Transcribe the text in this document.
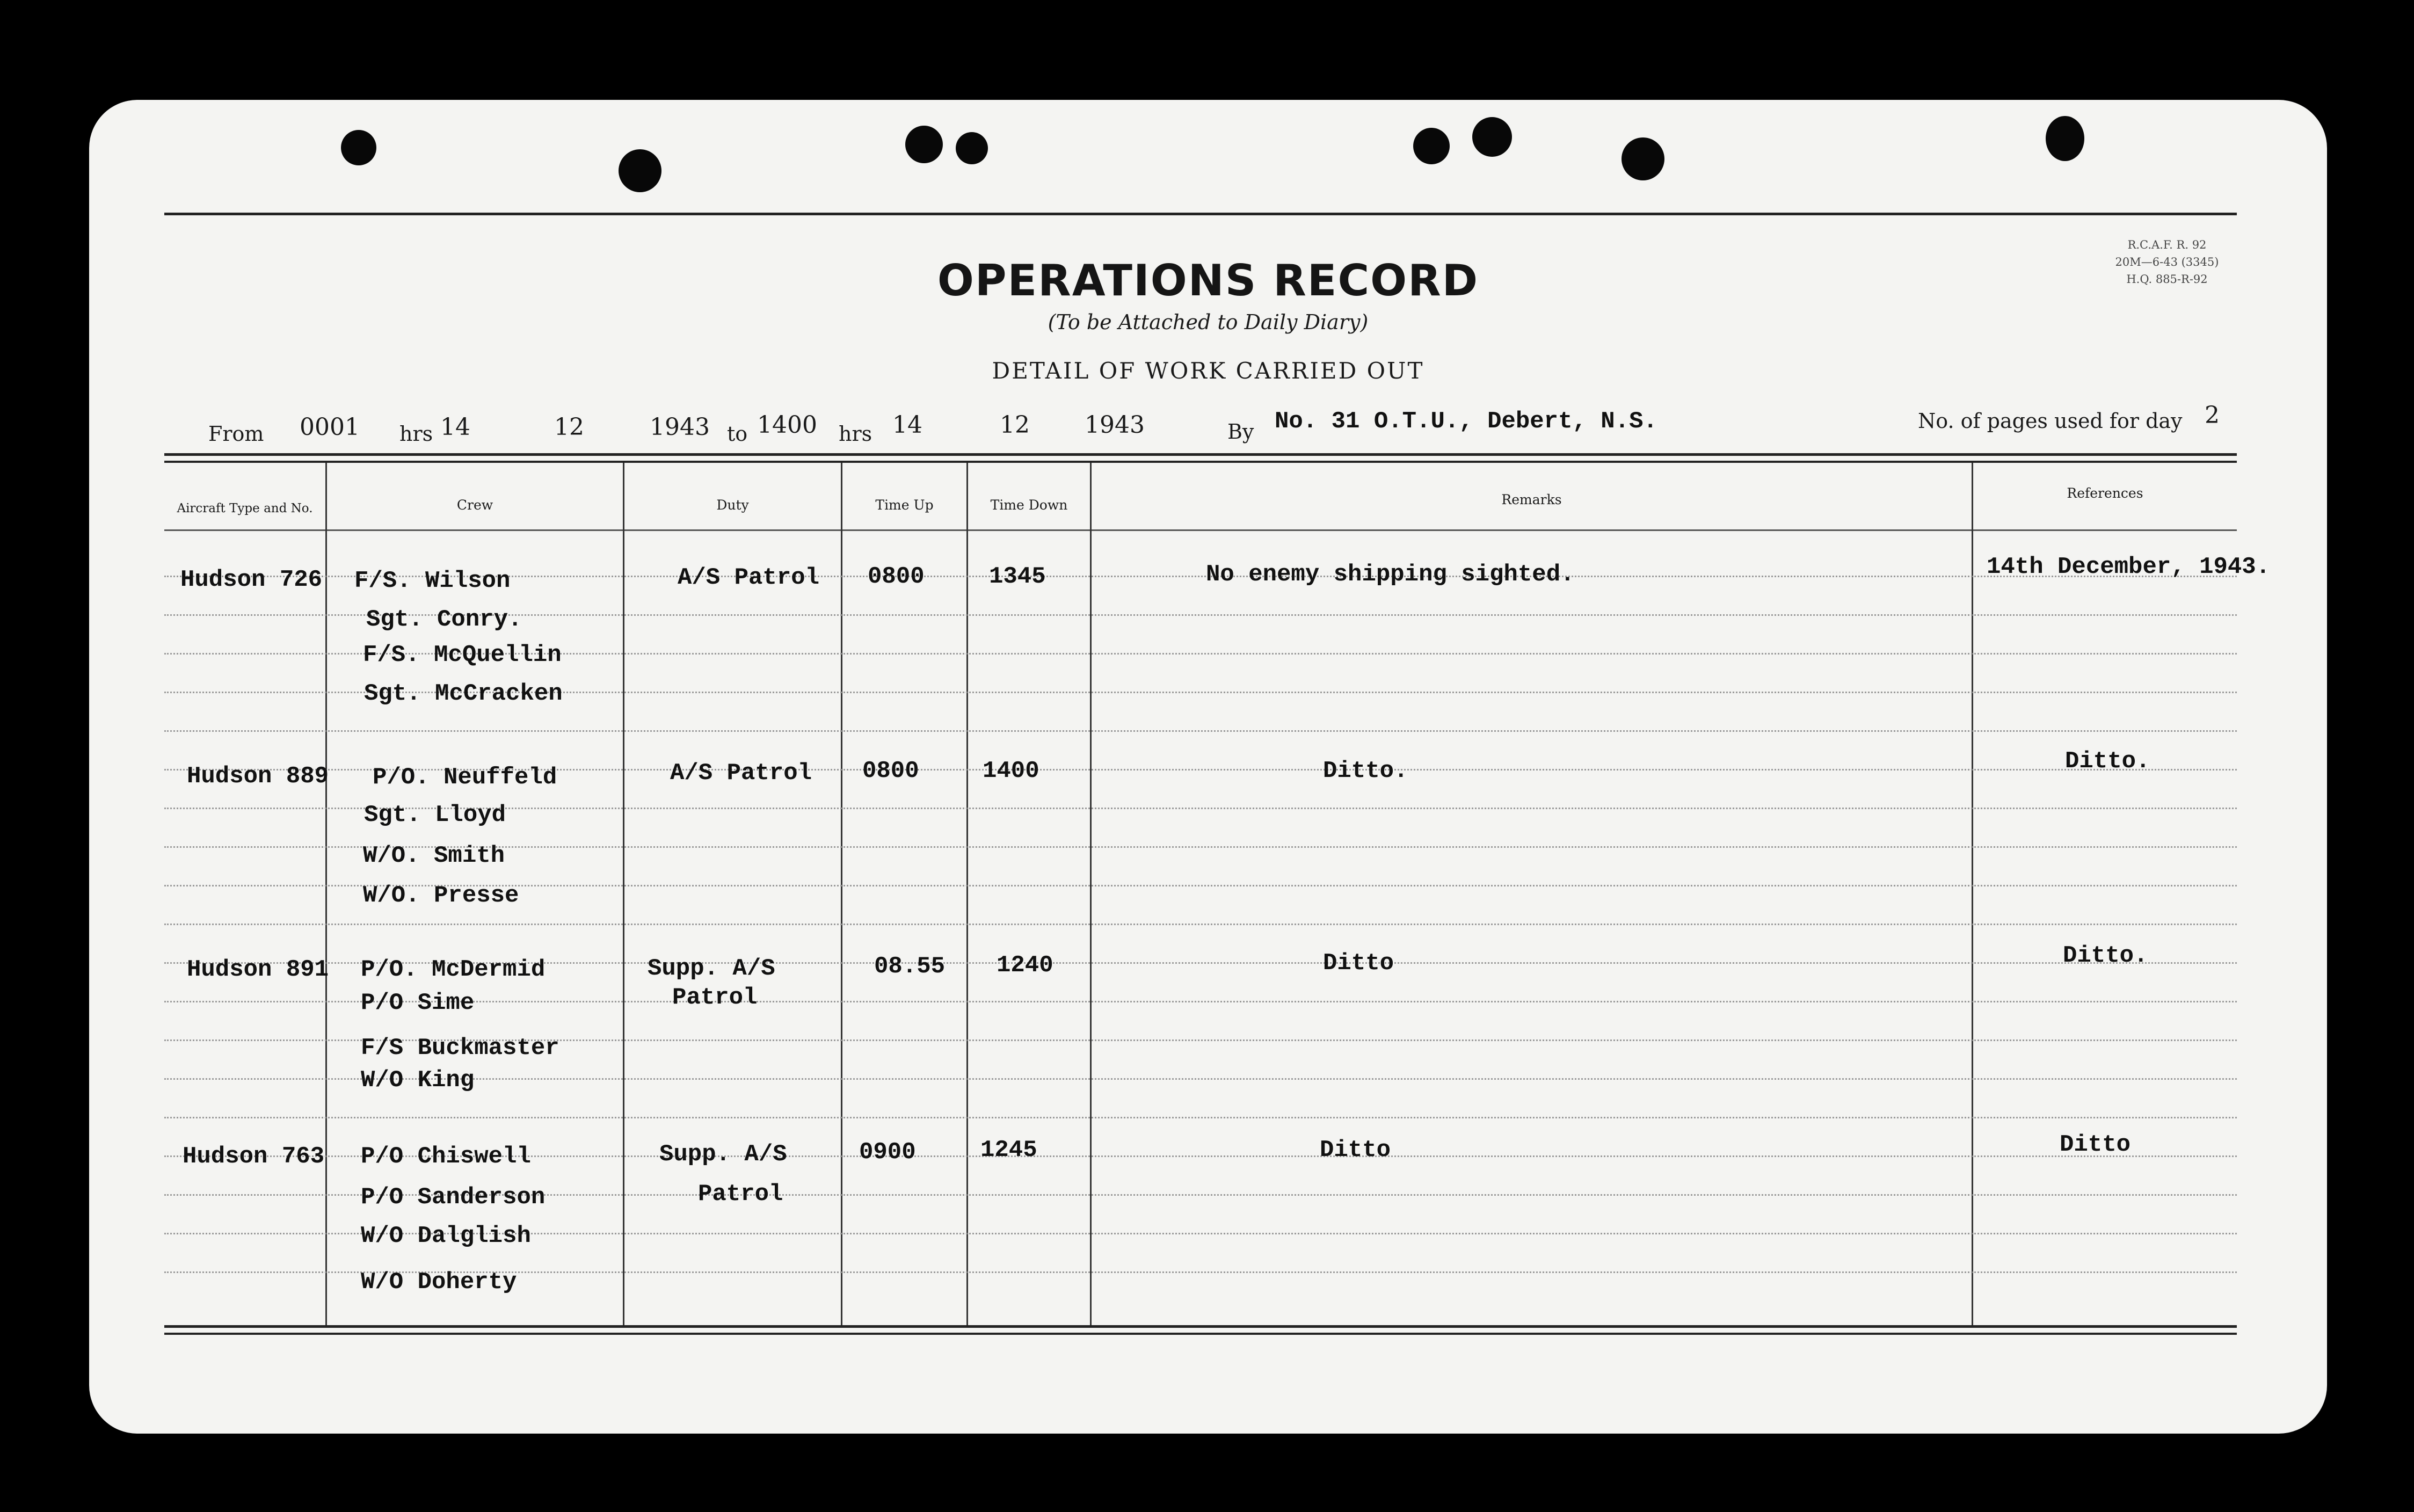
OPERATIONS RECORD
(To be Attached to Daily Diary)
DETAIL OF WORK CARRIED OUT
R.C.A.F. R. 92
20M—6-43 (3345)
H.Q. 885-R-92
From 0001 hrs 14	12	1943 to 1400 hrs 14	12 1943	By No. 31 O.T.U., Debert, N.S.	No. of pages used for day 2
Aircraft Type and No.	Crew	Duty	Time Up	Time Down	Remarks	References
Hudson 726 F/S. Wilson
Sgt. Conry.
F/S. McQuellin
Sgt. McCracken
A/S Patrol 0800	1345	No enemy shipping sighted.	14th December, 1943.
Hudson 889 P/O. Neuffeld
Sgt. Lloyd
W/O. Smith
W/O. Presse
A/S Patrol 0800	1400	Ditto.	Ditto.
Hudson 891 P/O. McDermid
P/O Sime
F/S Buckmaster
W/O King
Supp. A/S
Patrol
08.55 1240	Ditto	Ditto.
Hudson 763 P/O Chiswell
P/O Sanderson
W/O Dalglish
W/O Doherty
Supp. A/S
Patrol
0900	1245	Ditto	Ditto
